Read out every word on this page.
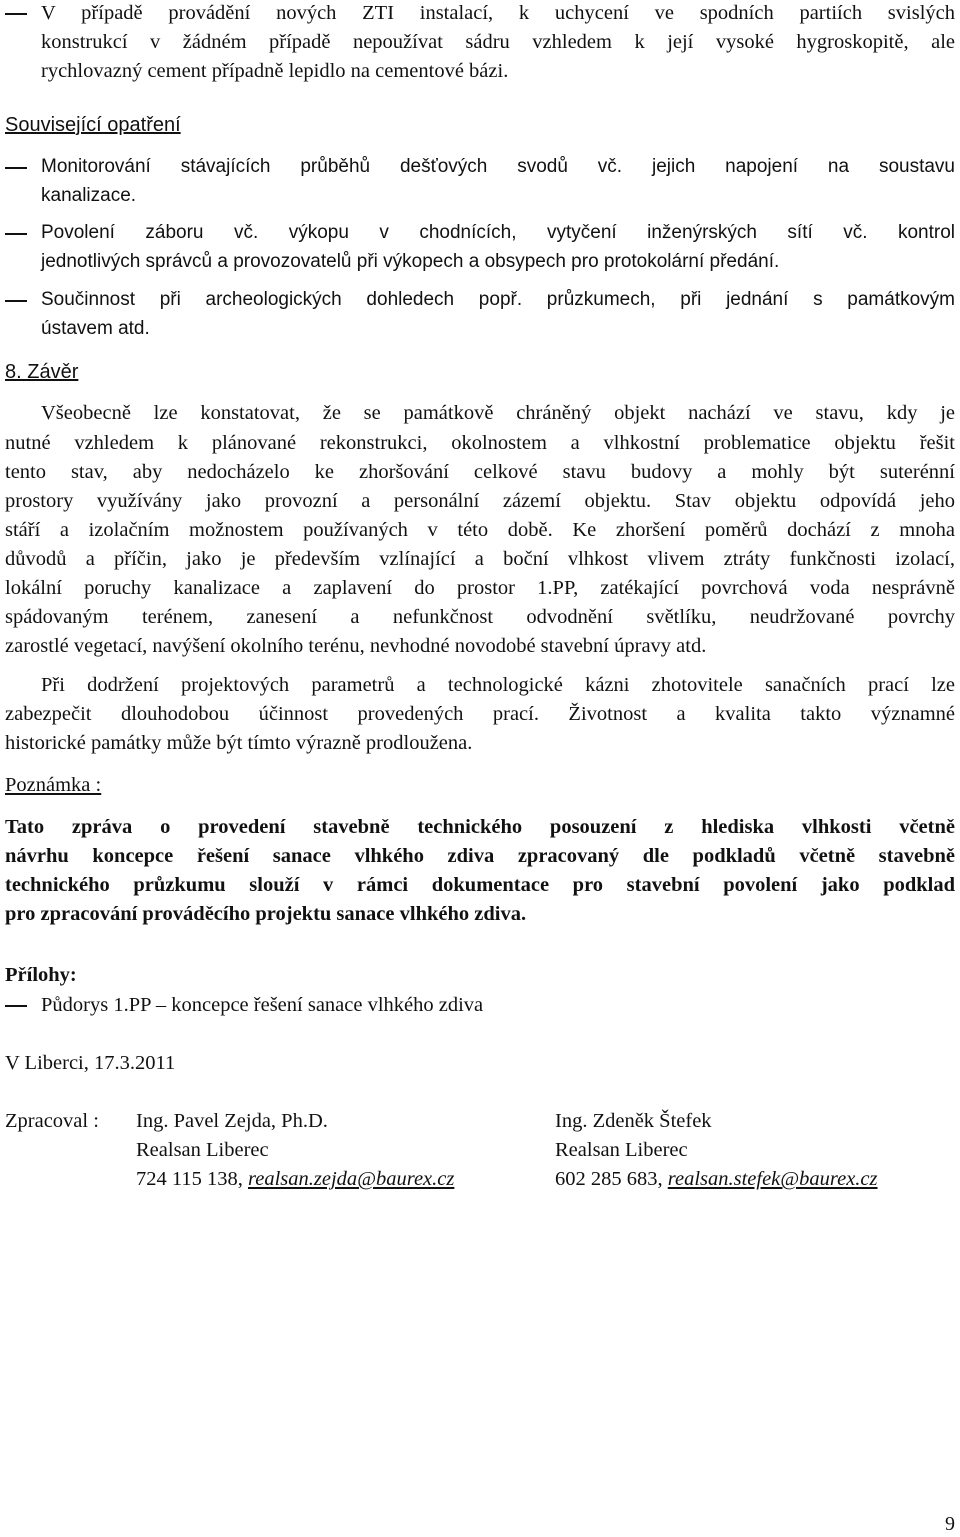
V případě provádění nových ZTI instalací, k uchycení ve spodních partiích svislých
konstrukcí v žádném případě nepoužívat sádru vzhledem k její vysoké hygroskopitě, ale
rychlovazný cement případně lepidlo na cementové bázi.
Související opatření
Monitorování stávajících průběhů dešťových svodů vč. jejich napojení na soustavu
kanalizace.
Povolení záboru vč. výkopu v chodnících, vytyčení inženýrských sítí vč. kontrol
jednotlivých správců a provozovatelů při výkopech a obsypech pro protokolární předání.
Součinnost při archeologických dohledech popř. průzkumech, při jednání s památkovým
ústavem atd.
8. Závěr
Všeobecně lze konstatovat, že se památkově chráněný objekt nachází ve stavu, kdy je
nutné vzhledem k plánované rekonstrukci, okolnostem a vlhkostní problematice objektu řešit
tento stav, aby nedocházelo ke zhoršování celkové stavu budovy a mohly být suterénní
prostory využívány jako provozní a personální zázemí objektu. Stav objektu odpovídá jeho
stáří a izolačním možnostem používaných v této době. Ke zhoršení poměrů dochází z mnoha
důvodů a příčin, jako je především vzlínající a boční vlhkost vlivem ztráty funkčnosti izolací,
lokální poruchy kanalizace a zaplavení do prostor 1.PP, zatékající povrchová voda nesprávně
spádovaným terénem, zanesení a nefunkčnost odvodnění světlíku, neudržované povrchy
zarostlé vegetací, navýšení okolního terénu, nevhodné novodobé stavební úpravy atd.
Při dodržení projektových parametrů a technologické kázni zhotovitele sanačních prací lze
zabezpečit dlouhodobou účinnost provedených prací. Životnost a kvalita takto významné
historické památky může být tímto výrazně prodloužena.
Poznámka :
Tato zpráva o provedení stavebně technického posouzení z hlediska vlhkosti včetně
návrhu koncepce řešení sanace vlhkého zdiva zpracovaný dle podkladů včetně stavebně
technického průzkumu slouží v rámci dokumentace pro stavební povolení jako podklad
pro zpracování prováděcího projektu sanace vlhkého zdiva.
Přílohy:
Půdorys 1.PP – koncepce řešení sanace vlhkého zdiva
V Liberci, 17.3.2011
Zpracoval : Ing. Pavel Zejda, Ph.D.
Realsan Liberec
724 115 138, realsan.zejda@baurex.cz
Ing. Zdeněk Štefek
Realsan Liberec
602 285 683, realsan.stefek@baurex.cz
9
